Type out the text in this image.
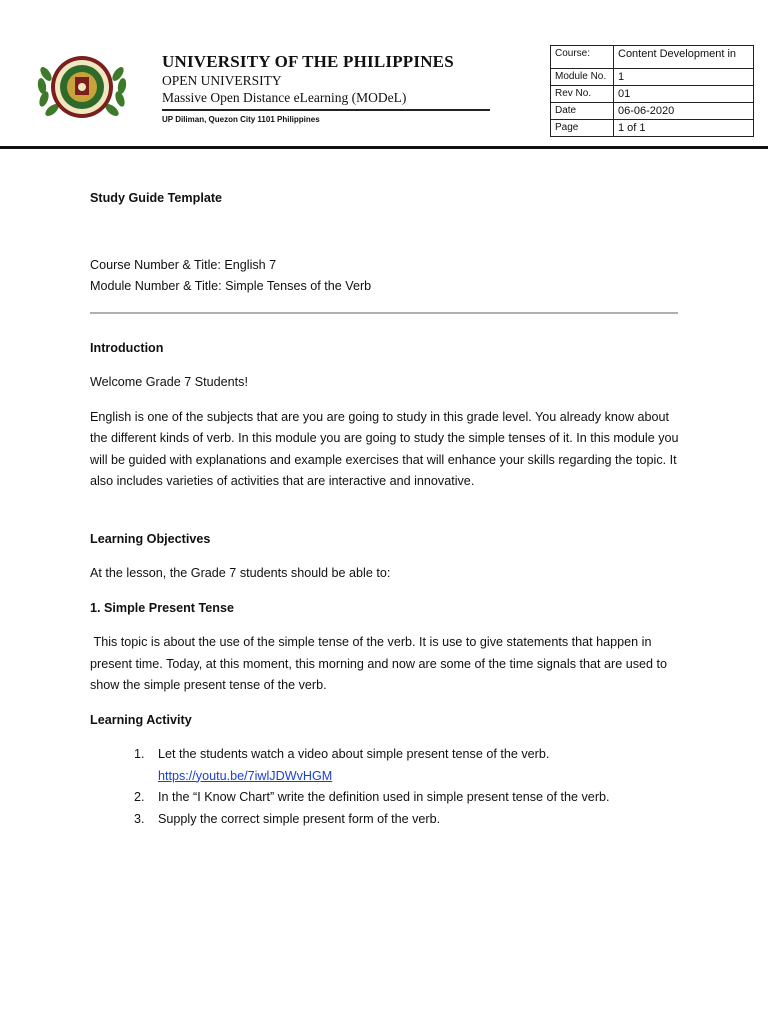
UNIVERSITY OF THE PHILIPPINES
OPEN UNIVERSITY
Massive Open Distance eLearning (MODeL)
UP Diliman, Quezon City 1101 Philippines
Course:	Content Development in
Module No.	1
Rev No.	01
Date	06-06-2020
Page	1 of 1
Study Guide Template
Course Number & Title: English 7
Module Number & Title: Simple Tenses of the Verb
Introduction
Welcome Grade 7 Students!

English is one of the subjects that are you are going to study in this grade level. You already know about the different kinds of verb. In this module you are going to study the simple tenses of it. In this module you will be guided with explanations and example exercises that will enhance your skills regarding the topic. It also includes varieties of activities that are interactive and innovative.

Learning Objectives
At the lesson, the Grade 7 students should be able to:
1. Simple Present Tense

This topic is about the use of the simple tense of the verb. It is use to give statements that happen in present time. Today, at this moment, this morning and now are some of the time signals that are used to show the simple present tense of the verb.

Learning Activity
1. Let the students watch a video about simple present tense of the verb.
https://youtu.be/7iwlJDWvHGM
2. In the “I Know Chart” write the definition used in simple present tense of the verb.
3. Supply the correct simple present form of the verb.
